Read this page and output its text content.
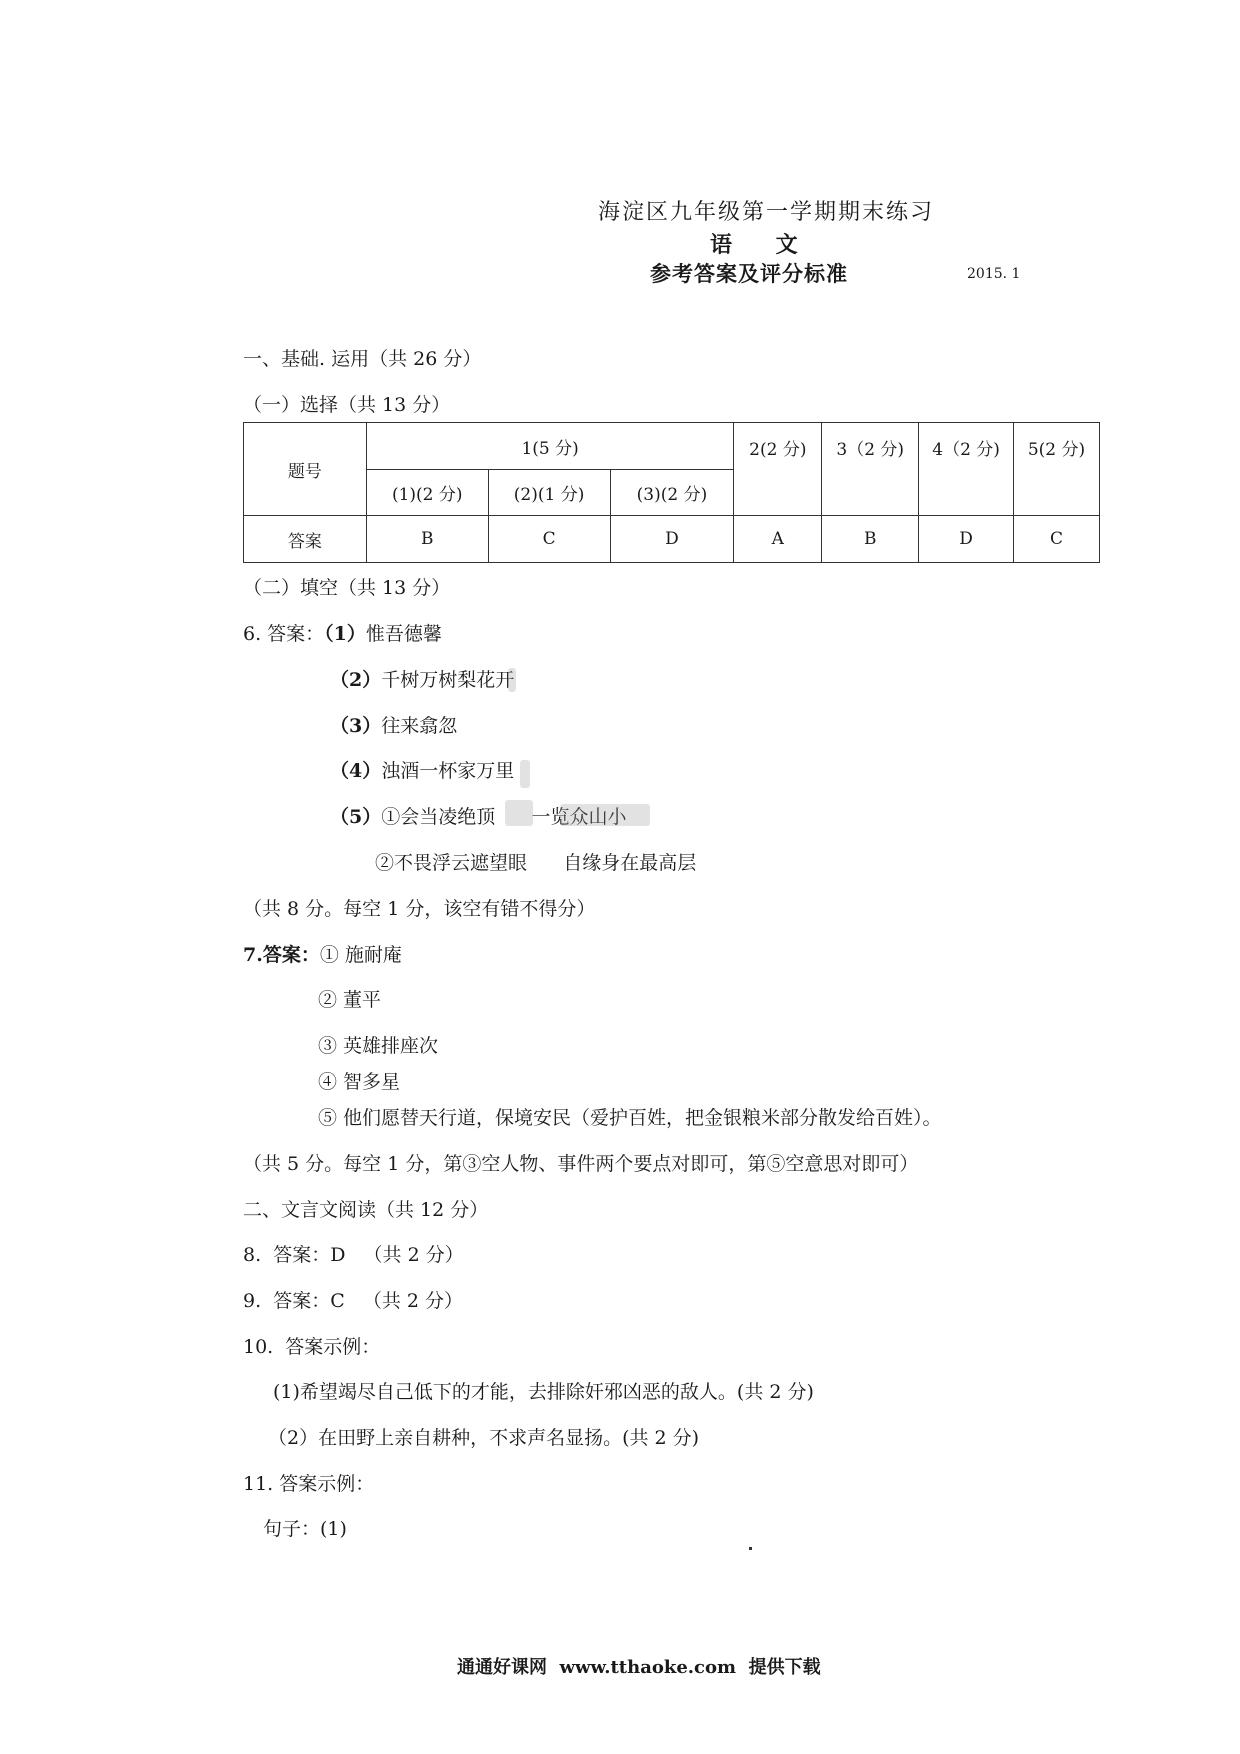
海淀区九年级第一学期期末练习
语 文
参考答案及评分标准	2015. 1
一、基础. 运用（共 26 分）
（一）选择（共 13 分）
题号	1(5 分)			2(2 分)	3（2 分)	4（2 分)	5(2 分)
	(1)(2 分)	(2)(1 分)	(3)(2 分)				
答案	B	C	D	A	B	D	C
（二）填空（共 13 分）
6. 答案：（1）惟吾德馨
（2）千树万树梨花开
（3）往来翕忽
（4）浊酒一杯家万里
（5）①会当凌绝顶      一览众山小
②不畏浮云遮望眼      自缘身在最高层
（共 8 分。每空 1 分，该空有错不得分）
7.答案：① 施耐庵
② 董平
③ 英雄排座次
④ 智多星
⑤ 他们愿替天行道，保境安民（爱护百姓，把金银粮米部分散发给百姓）。
（共 5 分。每空 1 分，第③空人物、事件两个要点对即可，第⑤空意思对即可）
二、文言文阅读（共 12 分）
8.  答案：D   （共 2 分）
9.  答案：C   （共 2 分）
10.  答案示例：
(1)希望竭尽自己低下的才能，去排除奸邪凶恶的敌人。(共 2 分)
（2）在田野上亲自耕种，不求声名显扬。(共 2 分)
11. 答案示例：
句子：(1)
通通好课网  www.tthaoke.com  提供下载
